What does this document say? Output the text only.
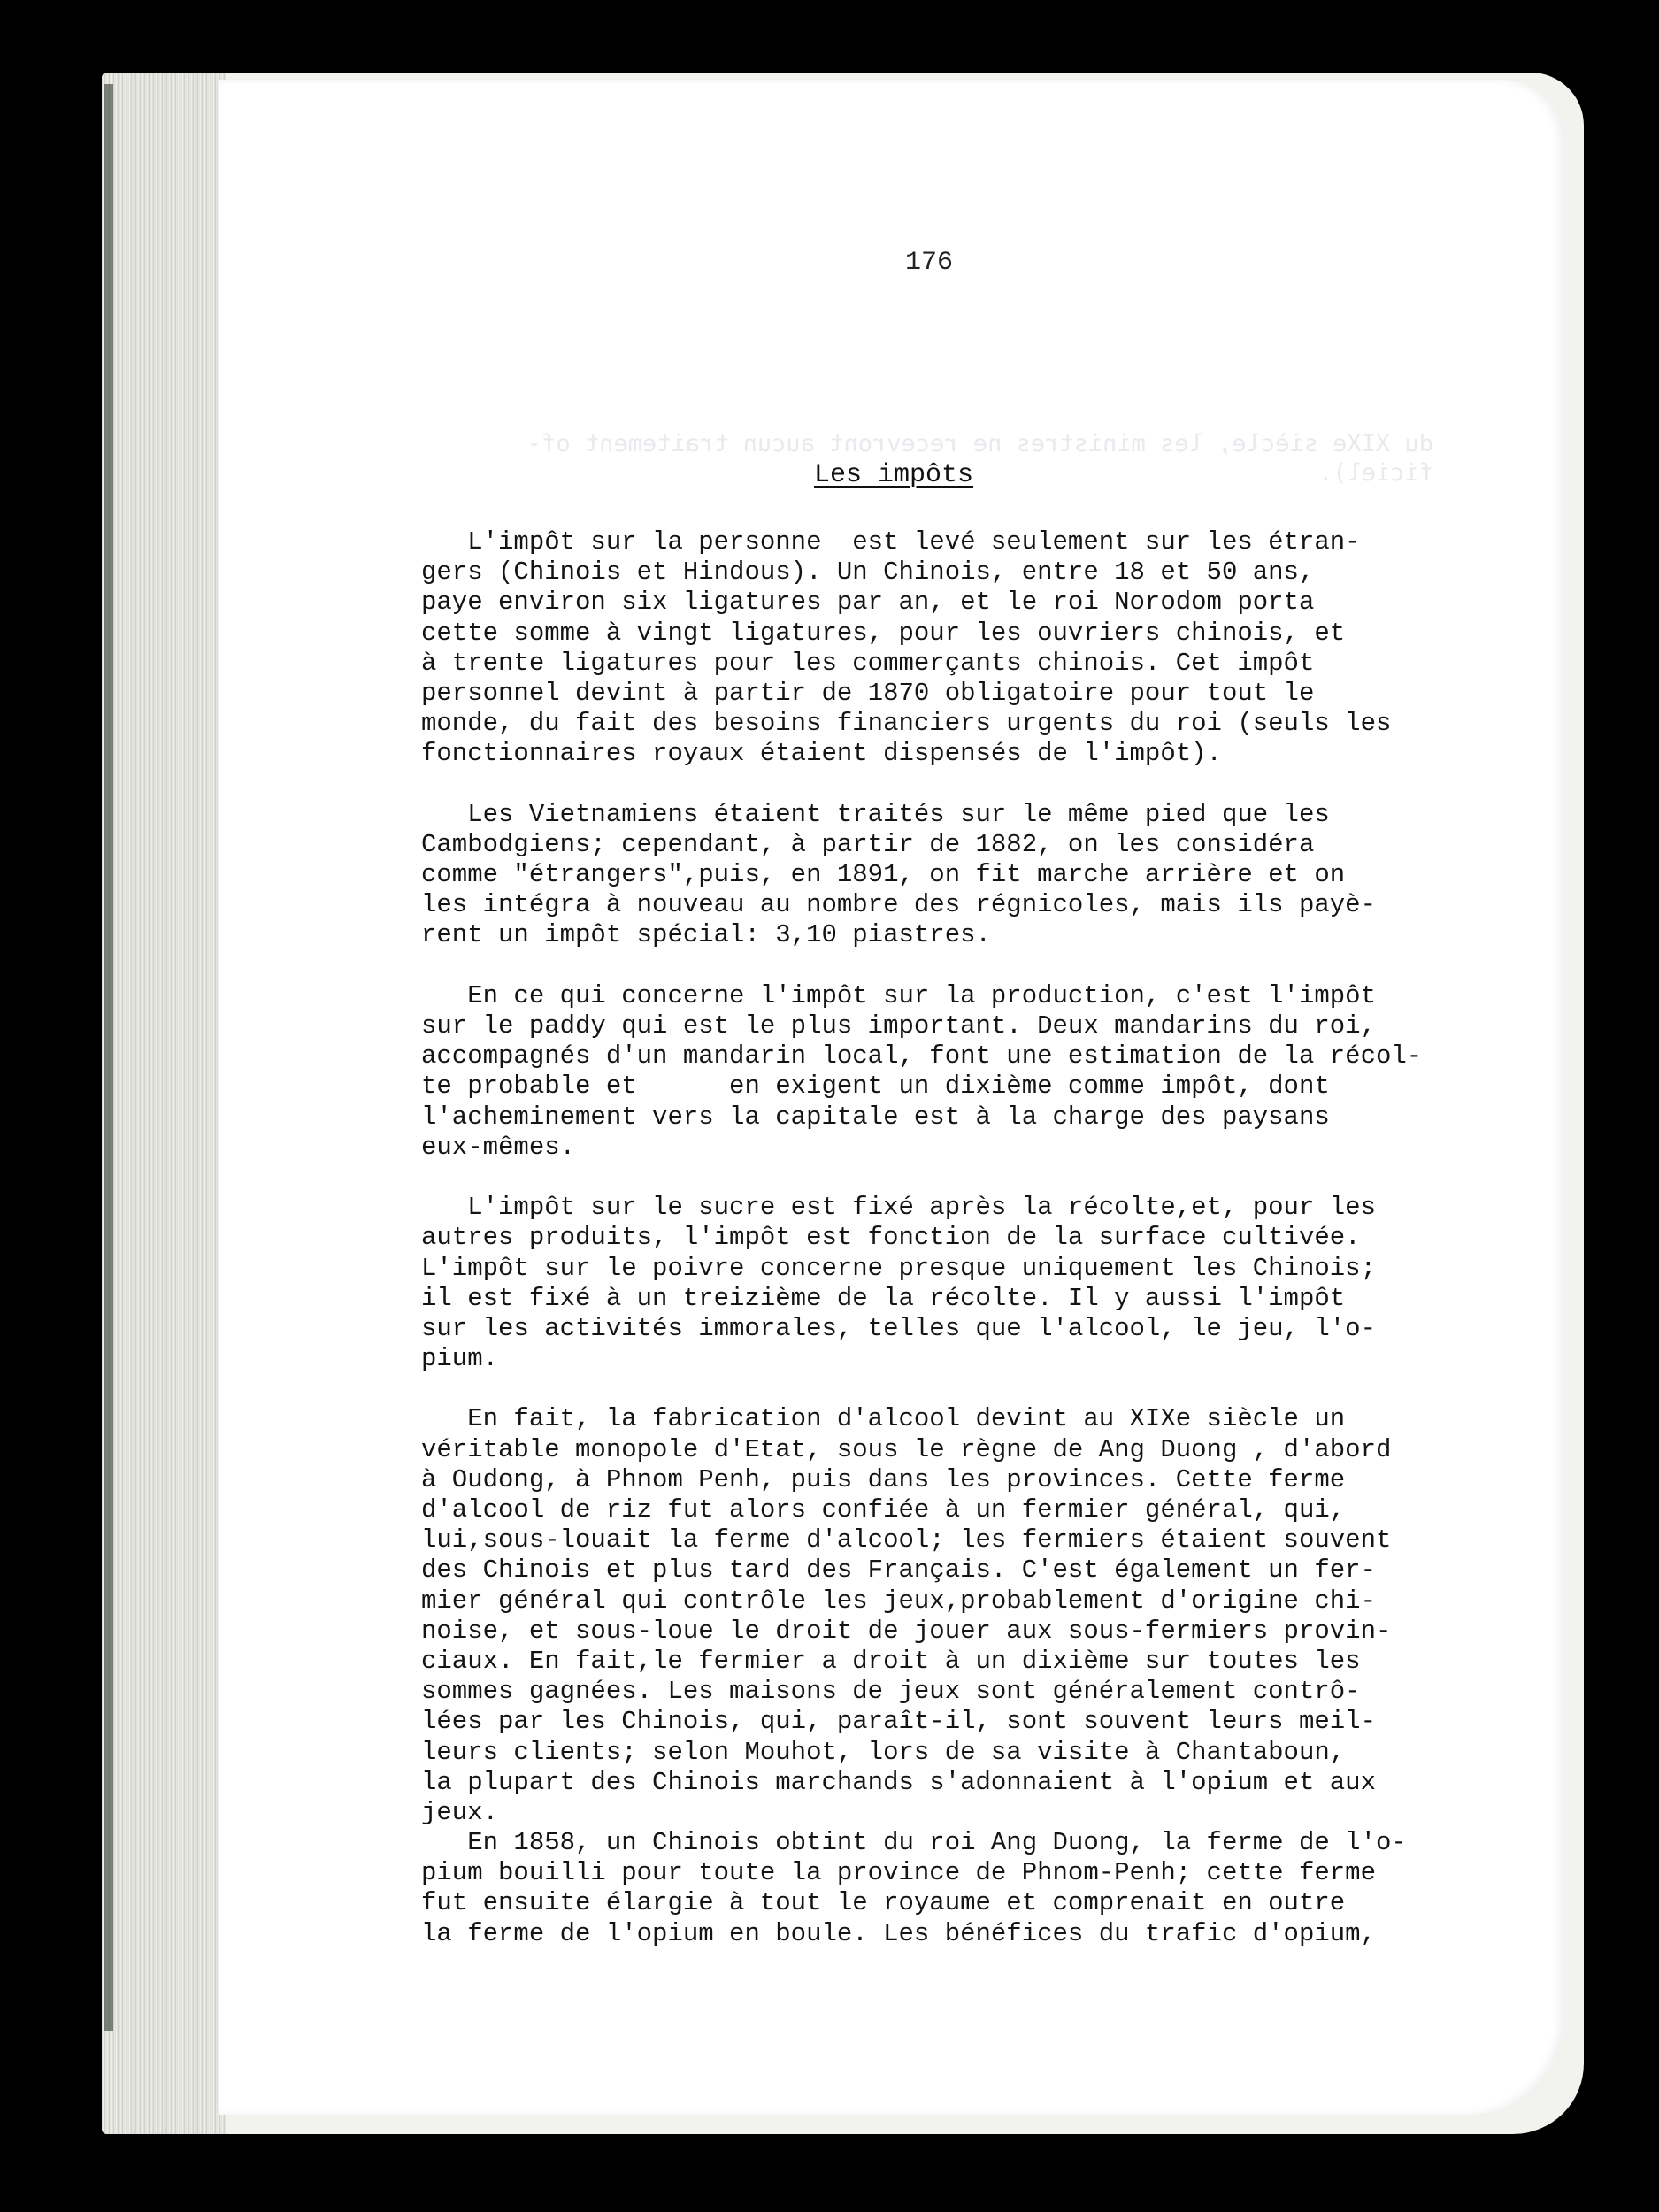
du XIXe siècle, les ministres ne recevront aucun traitement of-
ficiel).

176
Les impôts
L'impôt sur la personne  est levé seulement sur les étran-
gers (Chinois et Hindous). Un Chinois, entre 18 et 50 ans,
paye environ six ligatures par an, et le roi Norodom porta
cette somme à vingt ligatures, pour les ouvriers chinois, et
à trente ligatures pour les commerçants chinois. Cet impôt
personnel devint à partir de 1870 obligatoire pour tout le
monde, du fait des besoins financiers urgents du roi (seuls les
fonctionnaires royaux étaient dispensés de l'impôt).
Les Vietnamiens étaient traités sur le même pied que les
Cambodgiens; cependant, à partir de 1882, on les considéra
comme "étrangers",puis, en 1891, on fit marche arrière et on
les intégra à nouveau au nombre des régnicoles, mais ils payè-
rent un impôt spécial: 3,10 piastres.
En ce qui concerne l'impôt sur la production, c'est l'impôt
sur le paddy qui est le plus important. Deux mandarins du roi,
accompagnés d'un mandarin local, font une estimation de la récol-
te probable et      en exigent un dixième comme impôt, dont
l'acheminement vers la capitale est à la charge des paysans
eux-mêmes.
L'impôt sur le sucre est fixé après la récolte,et, pour les
autres produits, l'impôt est fonction de la surface cultivée.
L'impôt sur le poivre concerne presque uniquement les Chinois;
il est fixé à un treizième de la récolte. Il y aussi l'impôt
sur les activités immorales, telles que l'alcool, le jeu, l'o-
pium.
En fait, la fabrication d'alcool devint au XIXe siècle un
véritable monopole d'Etat, sous le règne de Ang Duong , d'abord
à Oudong, à Phnom Penh, puis dans les provinces. Cette ferme
d'alcool de riz fut alors confiée à un fermier général, qui,
lui,sous-louait la ferme d'alcool; les fermiers étaient souvent
des Chinois et plus tard des Français. C'est également un fer-
mier général qui contrôle les jeux,probablement d'origine chi-
noise, et sous-loue le droit de jouer aux sous-fermiers provin-
ciaux. En fait,le fermier a droit à un dixième sur toutes les
sommes gagnées. Les maisons de jeux sont généralement contrô-
lées par les Chinois, qui, paraît-il, sont souvent leurs meil-
leurs clients; selon Mouhot, lors de sa visite à Chantaboun,
la plupart des Chinois marchands s'adonnaient à l'opium et aux
jeux.
En 1858, un Chinois obtint du roi Ang Duong, la ferme de l'o-
pium bouilli pour toute la province de Phnom-Penh; cette ferme
fut ensuite élargie à tout le royaume et comprenait en outre
la ferme de l'opium en boule. Les bénéfices du trafic d'opium,
